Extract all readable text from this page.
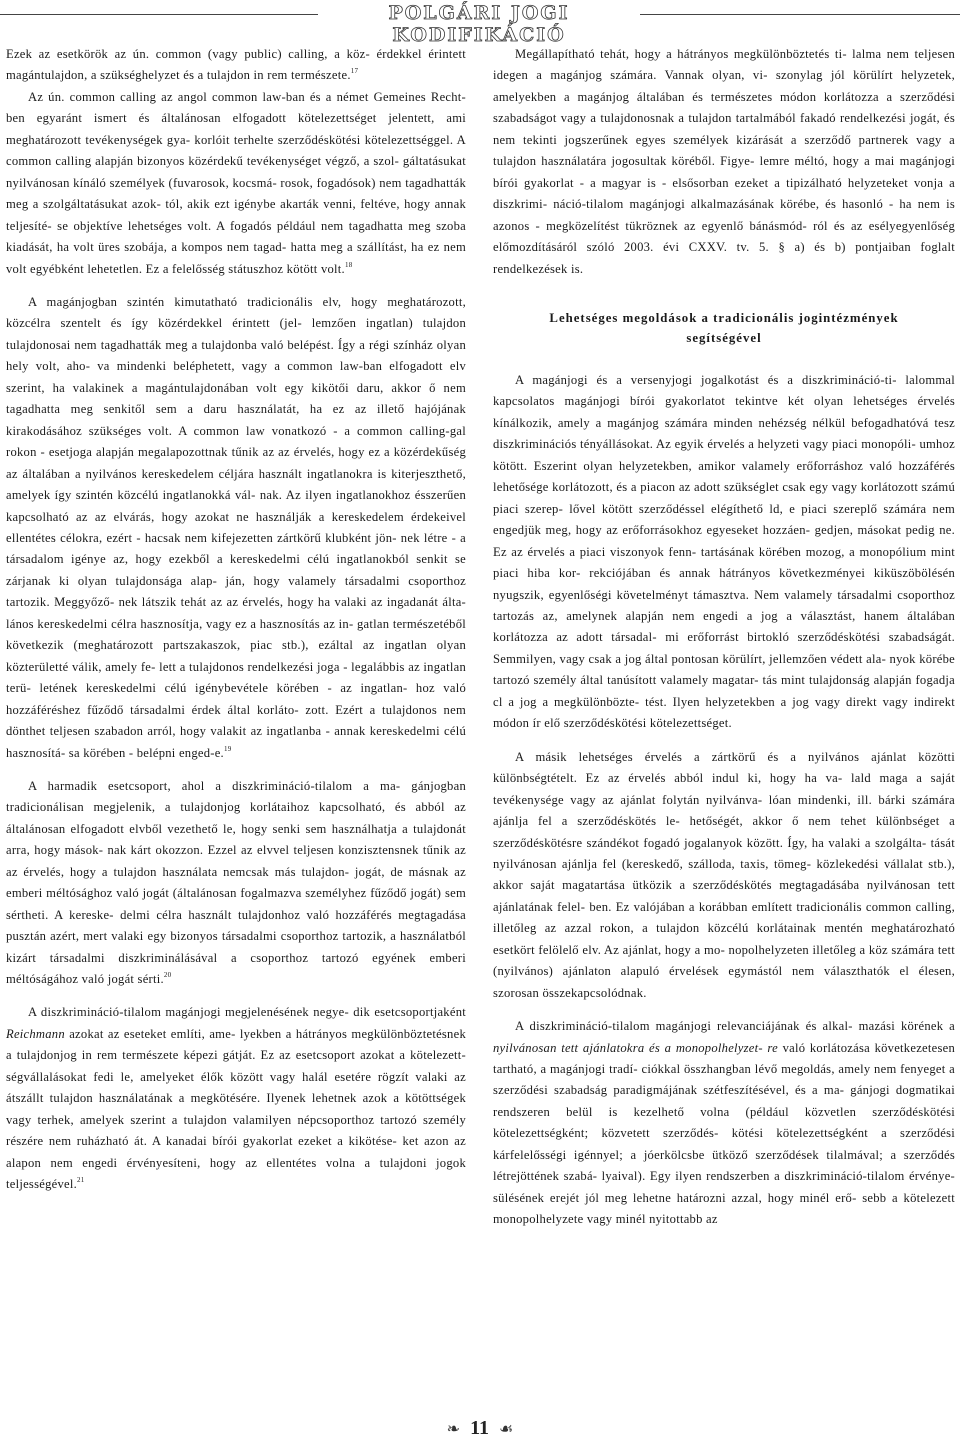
POLGÁRI JOGI KODIFIKÁCIÓ

Ezek az esetkörök az ún. common (vagy public) calling, a köz- érdekkel érintett magántulajdon, a szükséghelyzet és a tulajdon in rem természete.$^{17}$

Az ún. common calling az angol common law-ban és a német Gemeines Recht-ben egyaránt ismert és általánosan elfogadott kötelezettséget jelentett, ami meghatározott tevékenységek gya- korlóit terhelte szerződéskötési kötelezettséggel. A common calling alapján bizonyos közérdekű tevékenységet végző, a szol- gáltatásukat nyilvánosan kínáló személyek (fuvarosok, kocsmá- rosok, fogadósok) nem tagadhatták meg a szolgáltatásukat azok- tól, akik ezt igénybe akarták venni, feltéve, hogy annak teljesíté- se objektíve lehetséges volt. A fogadós például nem tagadhatta meg szoba kiadását, ha volt üres szobája, a kompos nem tagad- hatta meg a szállítást, ha ez nem volt egyébként lehetetlen. Ez a felelősség státuszhoz kötött volt.$^{18}$

A magánjogban szintén kimutatható tradicionális elv, hogy meghatározott, közcélra szentelt és így közérdekkel érintett (jel- lemzően ingatlan) tulajdon tulajdonosai nem tagadhatták meg a tulajdonba való belépést. Így a régi színház olyan hely volt, aho- va mindenki beléphetett, vagy a common law-ban elfogadott elv szerint, ha valakinek a magántulajdonában volt egy kikötői daru, akkor ő nem tagadhatta meg senkitől sem a daru használatát, ha ez az illető hajójának kirakodásához szükséges volt. A common law vonatkozó - a common calling-gal rokon - esetjoga alapján megalapozottnak tűnik az az érvelés, hogy ez a közérdekűség az általában a nyilvános kereskedelem céljára használt ingatlanokra is kiterjeszthető, amelyek így szintén közcélú ingatlanokká vál- nak. Az ilyen ingatlanokhoz ésszerűen kapcsolható az az elvárás, hogy azokat ne használják a kereskedelem érdekeivel ellentétes célokra, ezért - hacsak nem kifejezetten zártkörű klubként jön- nek létre - a társadalom igénye az, hogy ezekből a kereskedelmi célú ingatlanokból senkit se zárjanak ki olyan tulajdonsága alap- ján, hogy valamely társadalmi csoporthoz tartozik. Meggyőző- nek látszik tehát az az érvelés, hogy ha valaki az ingadanát álta- lános kereskedelmi célra hasznosítja, vagy ez a hasznosítás az in- gatlan természetéből következik (meghatározott partszakaszok, piac stb.), ezáltal az ingatlan olyan közterületté válik, amely fe- lett a tulajdonos rendelkezési joga - legalábbis az ingatlan terü- letének kereskedelmi célú igénybevétele körében - az ingatlan- hoz való hozzáféréshez fűződő társadalmi érdek által korláto- zott. Ezért a tulajdonos nem dönthet teljesen szabadon arról, hogy valakit az ingatlanba - annak kereskedelmi célú hasznosítá- sa körében - belépni enged-e.$^{19}$

A harmadik esetcsoport, ahol a diszkrimináció-tilalom a ma- gánjogban tradicionálisan megjelenik, a tulajdonjog korlátaihoz kapcsolható, és abból az általánosan elfogadott elvből vezethető le, hogy senki sem használhatja a tulajdonát arra, hogy mások- nak kárt okozzon. Ezzel az elvvel teljesen konzisztensnek tűnik az az érvelés, hogy a tulajdon használata nemcsak más tulajdon- jogát, de másnak az emberi méltósághoz való jogát (általánosan fogalmazva személyhez fűződő jogát) sem sértheti. A kereske- delmi célra használt tulajdonhoz való hozzáférés megtagadása pusztán azért, mert valaki egy bizonyos társadalmi csoporthoz tartozik, a használatból kizárt társadalmi diszkriminálásával a csoporthoz tartozó egyének emberi méltóságához való jogát sérti.$^{20}$

A diszkrimináció-tilalom magánjogi megjelenésének negye- dik esetcsoportjaként Reichmann azokat az eseteket említi, ame- lyekben a hátrányos megkülönböztetésnek a tulajdonjog in rem természete képezi gátját. Ez az esetcsoport azokat a kötelezett- ségvállalásokat fedi le, amelyeket élők között vagy halál esetére rögzít valaki az átszállt tulajdon használatának a megkötésére. Ilyenek lehetnek azok a kötöttségek vagy terhek, amelyek szerint a tulajdon valamilyen népcsoporthoz tartozó személy részére nem ruházható át. A kanadai bírói gyakorlat ezeket a kikötése- ket azon az alapon nem engedi érvényesíteni, hogy az ellentétes volna a tulajdoni jogok teljességével.$^{21}$

Megállapítható tehát, hogy a hátrányos megkülönböztetés ti- lalma nem teljesen idegen a magánjog számára. Vannak olyan, vi- szonylag jól körülírt helyzetek, amelyekben a magánjog általában és természetes módon korlátozza a szerződési szabadságot vagy a tulajdonosnak a tulajdon tartalmából fakadó rendelkezési jogát, és nem tekinti jogszerűnek egyes személyek kizárását a szerződő partnerek vagy a tulajdon használatára jogosultak köréből. Figye- lemre méltó, hogy a mai magánjogi bírói gyakorlat - a magyar is - elsősorban ezeket a tipizálható helyzeteket vonja a diszkrimi- náció-tilalom magánjogi alkalmazásának körébe, és hasonló - ha nem is azonos - megközelítést tükröznek az egyenlő bánásmód- ról és az esélyegyenlőség előmozdításáról szóló 2003. évi CXXV. tv. 5. § a) és b) pontjaiban foglalt rendelkezések is.

Lehetséges megoldások a tradicionális jogintézmények segítségével

A magánjogi és a versenyjogi jogalkotást és a diszkrimináció-ti- lalommal kapcsolatos magánjogi bírói gyakorlatot tekintve két olyan lehetséges érvelés kínálkozik, amely a magánjog számára minden nehézség nélkül befogadhatóvá tesz diszkriminációs tényállásokat. Az egyik érvelés a helyzeti vagy piaci monopóli- umhoz kötött. Eszerint olyan helyzetekben, amikor valamely erőforráshoz való hozzáférés lehetősége korlátozott, és a piacon az adott szükséglet csak egy vagy korlátozott számú piaci szerep- lővel kötött szerződéssel elégíthető ld, e piaci szereplő számára nem engedjük meg, hogy az erőforrásokhoz egyeseket hozzáen- gedjen, másokat pedig ne. Ez az érvelés a piaci viszonyok fenn- tartásának körében mozog, a monopólium mint piaci hiba kor- rekciójában és annak hátrányos következményei kiküszöbölésén nyugszik, egyenlőségi követelményt támasztva. Nem valamely társadalmi csoporthoz tartozás az, amelynek alapján nem engedi a jog a választást, hanem általában korlátozza az adott társadal- mi erőforrást birtokló szerződéskötési szabadságát. Semmilyen, vagy csak a jog által pontosan körülírt, jellemzően védett ala- nyok körébe tartozó személy által tanúsított valamely magatar- tás mint tulajdonság alapján fogadja cl a jog a megkülönbözte- tést. Ilyen helyzetekben a jog vagy direkt vagy indirekt módon ír elő szerződéskötési kötelezettséget.

A másik lehetséges érvelés a zártkörű és a nyilvános ajánlat közötti különbségtételt. Ez az érvelés abból indul ki, hogy ha va- lald maga a saját tevékenysége vagy az ajánlat folytán nyilvánva- lóan mindenki, ill. bárki számára ajánlja fel a szerződéskötés le- hetőségét, akkor ő nem tehet különbséget a szerződéskötésre szándékot fogadó jogalanyok között. Így, ha valaki a szolgálta- tását nyilvánosan ajánlja fel (kereskedő, szálloda, taxis, tömeg- közlekedési vállalat stb.), akkor saját magatartása ütközik a szerződéskötés megtagadásába nyilvánosan tett ajánlatának felel- ben. Ez valójában a korábban említett tradicionális common calling, illetőleg az azzal rokon, a tulajdon közcélú korlátainak mentén meghatározható esetkört felölelő elv. Az ajánlat, hogy a mo- nopolhelyzeten illetőleg a köz számára tett (nyilvános) ajánlaton alapuló érvelések egymástól nem választhatók el élesen, szorosan összekapcsolódnak.

A diszkrimináció-tilalom magánjogi relevanciájának és alkal- mazási körének a nyilvánosan tett ajánlatokra és a monopolhelyzet- re való korlátozása következetesen tartható, a magánjogi tradí- ciókkal összhangban lévő megoldás, amely nem fenyeget a szerződési szabadság paradigmájának szétfeszítésével, és a ma- gánjogi dogmatikai rendszeren belül is kezelhető volna (például közvetlen szerződéskötési kötelezettségként; közvetett szerződés- kötési kötelezettségként a szerződési kárfelelősségi igénnyel; a jóerkölcsbe ütköző szerződések tilalmával; a szerződés létrejöttének szabá- lyaival). Egy ilyen rendszerben a diszkrimináció-tilalom érvénye- sülésének erejét jól meg lehetne határozni azzal, hogy minél erő- sebb a kötelezett monopolhelyzete vagy minél nyitottabb az

❧ 11 ☙
